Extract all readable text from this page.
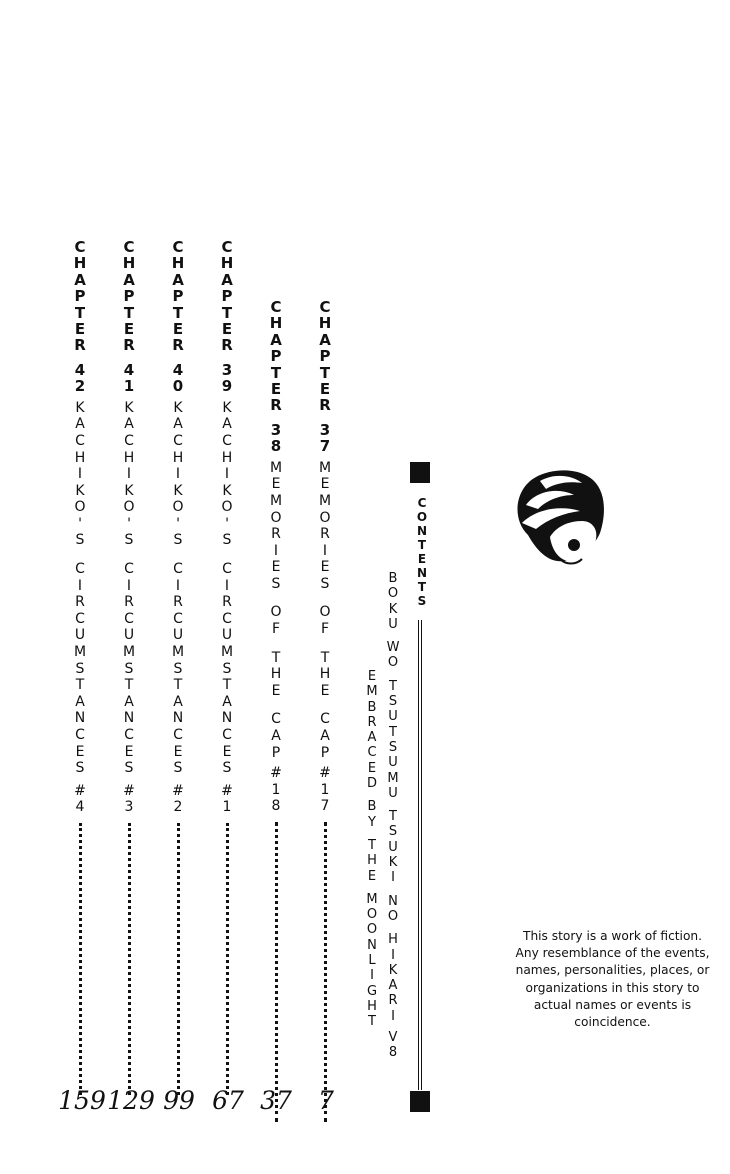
C
H
A
P
T
E
R
4
2
K
A
C
H
I
K
O
'
S

C
I
R
C
U
M
S
T
A
N
C
E
S
#
4
C
H
A
P
T
E
R
4
1
K
A
C
H
I
K
O
'
S

C
I
R
C
U
M
S
T
A
N
C
E
S
#
3
C
H
A
P
T
E
R
4
0
K
A
C
H
I
K
O
'
S

C
I
R
C
U
M
S
T
A
N
C
E
S
#
2
C
H
A
P
T
E
R
3
9
K
A
C
H
I
K
O
'
S

C
I
R
C
U
M
S
T
A
N
C
E
S
#
1
C
H
A
P
T
E
R
3
8
M
E
M
O
R
I
E
S

O
F

T
H
E

C
A
P
#
1
8
C
H
A
P
T
E
R
3
7
M
E
M
O
R
I
E
S

O
F

T
H
E

C
A
P
#
1
7
159 129 99 67 37 7
E
M
B
R
A
C
E
D

B
Y

T
H
E

M
O
O
N
L
I
G
H
T
B
O
K
U

W
O

T
S
U
T
S
U
M
U

T
S
U
K
I

N
O

H
I
K
A
R
I
V
8
C
O
N
T
E
N
T
S
This story is a work of fiction. Any resemblance of the events, names, personalities, places, or organizations in this story to actual names or events is coincidence.
